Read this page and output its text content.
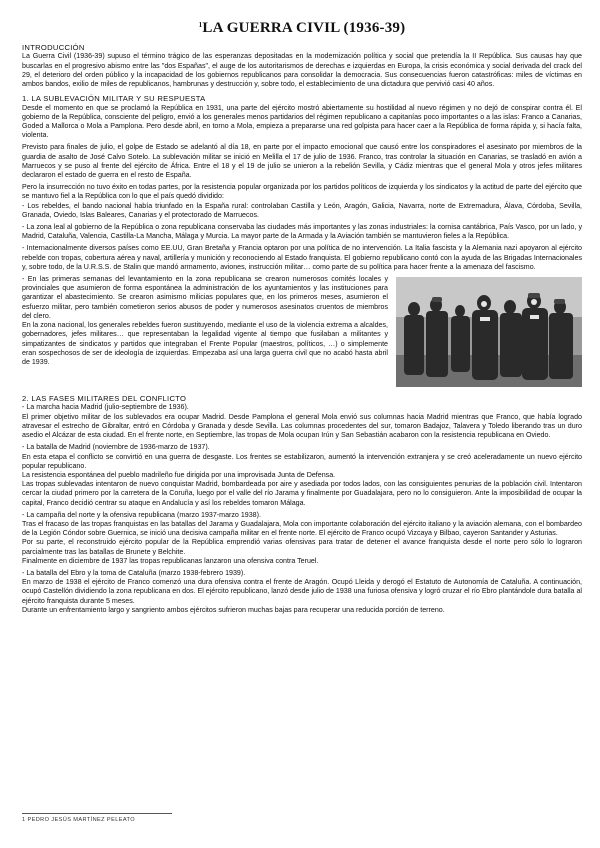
$^1$LA GUERRA CIVIL (1936-39)
INTRODUCCIÓN
La Guerra Civil (1936-39) supuso el término trágico de las esperanzas depositadas en la modernización política y social que pretendía la II República. Sus causas hay que buscarlas en el progresivo abismo entre las "dos Españas", el auge de los autoritarismos de derechas e izquierdas en Europa, la crisis económica y social derivada del crack del 29, el deterioro del orden público y la incapacidad de los gobiernos republicanos para consolidar la democracia. Sus consecuencias fueron catastróficas: miles de víctimas en ambos bandos, exilio de miles de republicanos, hambrunas y destrucción y, sobre todo, el establecimiento de una dictadura que pervivió casi 40 años.
1. LA SUBLEVACIÓN MILITAR Y SU RESPUESTA
Desde el momento en que se proclamó la República en 1931, una parte del ejército mostró abiertamente su hostilidad al nuevo régimen y no dejó de conspirar contra él. El gobierno de la República, consciente del peligro, envió a los generales menos partidarios del régimen republicano a capitanías poco importantes o a las islas: Franco a Canarias, Goded a Mallorca o Mola a Pamplona. Pero desde abril, en torno a Mola, empieza a prepararse una red golpista para hacer caer a la República de forma rápida y, si hacía falta, violenta.
Previsto para finales de julio, el golpe de Estado se adelantó al día 18, en parte por el impacto emocional que causó entre los conspiradores el asesinato por miembros de la guardia de asalto de José Calvo Sotelo. La sublevación militar se inició en Melilla el 17 de julio de 1936. Franco, tras controlar la situación en Canarias, se trasladó en avión a Marruecos y se puso al frente del ejército de África. Entre el 18 y el 19 de julio se unieron a la rebelión Sevilla, y Cádiz mientras que el general Mola y otros jefes militares declararon el estado de guerra en el resto de España.
Pero la insurrección no tuvo éxito en todas partes, por la resistencia popular organizada por los partidos políticos de izquierda y los sindicatos y la actitud de parte del ejército que se mantuvo fiel a la República con lo que el país quedó dividido:
- Los rebeldes, el bando nacional había triunfado en la España rural: controlaban Castilla y León, Aragón, Galicia, Navarra, norte de Extremadura, Álava, Córdoba, Sevilla, Granada, Oviedo, Islas Baleares, Canarias y el protectorado de Marruecos.
- La zona leal al gobierno de la República o zona republicana conservaba las ciudades más importantes y las zonas industriales: la cornisa cantábrica, País Vasco, por un lado, y Madrid, Cataluña, Valencia, Castilla-La Mancha, Málaga y Murcia. La mayor parte de la Armada y la Aviación también se mantuvieron fieles a la República.
- Internacionalmente diversos países como EE.UU, Gran Bretaña y Francia optaron por una política de no intervención. La Italia fascista y la Alemania nazi apoyaron al ejército rebelde con tropas, cobertura aérea y naval, artillería y munición y reconociendo al Estado franquista. El gobierno republicano contó con la ayuda de las Brigadas Internacionales y, sobre todo, de la U.R.S.S. de Stalin que mandó armamento, aviones, instrucción militar… como parte de su política para hacer frente a la amenaza del fascismo.
- En las primeras semanas del levantamiento en la zona republicana se crearon numerosos comités locales y provinciales que asumieron de forma espontánea la administración de los ayuntamientos y las instituciones para garantizar el abastecimiento. Se crearon asimismo milicias populares que, en los primeros meses, asumieron el esfuerzo militar, pero también cometieron serios abusos de poder y numerosos asesinatos cruentos de miembros del clero.
En la zona nacional, los generales rebeldes fueron sustituyendo, mediante el uso de la violencia extrema a alcaldes, gobernadores, jefes militares… que representaban la legalidad vigente al tiempo que fusilaban a militantes y simpatizantes de sindicatos y partidos que integraban el Frente Popular (maestros, políticos, …) o simplemente eran sospechosos de ser de ideología de izquierdas. Empezaba así una larga guerra civil que no acabó hasta abril de 1939.
2. LAS FASES MILITARES DEL CONFLICTO
- La marcha hacia Madrid (julio-septiembre de 1936).
El primer objetivo militar de los sublevados era ocupar Madrid. Desde Pamplona el general Mola envió sus columnas hacia Madrid mientras que Franco, que había logrado atravesar el estrecho de Gibraltar, entró en Córdoba y Granada y desde Sevilla. Las columnas procedentes del sur, tomaron Badajoz, Talavera y Toledo liberando tras un duro asedio el Alcázar de esta ciudad. En el frente norte, en Septiembre, las tropas de Mola ocupan Irún y San Sebastián acabaron con la resistencia republicana en Oviedo.
- La batalla de Madrid (noviembre de 1936-marzo de 1937).
En esta etapa el conflicto se convirtió en una guerra de desgaste. Los frentes se estabilizaron, aumentó la intervención extranjera y se creó aceleradamente un nuevo ejército popular republicano.
La resistencia espontánea del pueblo madrileño fue dirigida por una improvisada Junta de Defensa.
Las tropas sublevadas intentaron de nuevo conquistar Madrid, bombardeada por aire y asediada por todos lados, con las consiguientes penurias de la población civil. Intentaron cercar la ciudad primero por la carretera de la Coruña, luego por el valle del río Jarama y finalmente por Guadalajara, pero no lo consiguieron. Ante la imposibilidad de ocupar la capital, Franco decidió centrar su ataque en Andalucía y así los rebeldes tomaron Málaga.
- La campaña del norte y la ofensiva republicana (marzo 1937-marzo 1938).
Tras el fracaso de las tropas franquistas en las batallas del Jarama y Guadalajara, Mola con importante colaboración del ejército italiano y la aviación alemana, con el bombardeo de la Legión Cóndor sobre Guernica, se inició una decisiva campaña militar en el frente norte. El ejército de Franco ocupó Vizcaya y Bilbao, cayeron Santander y Asturias.
Por su parte, el reconstruido ejército popular de la República emprendió varias ofensivas para tratar de detener el avance franquista desde el norte pero sólo lo lograron parcialmente tras las batallas de Brunete y Belchite.
Finalmente en diciembre de 1937 las tropas republicanas lanzaron una ofensiva contra Teruel.
- La batalla del Ebro y la toma de Cataluña (marzo 1938-febrero 1939).
En marzo de 1938 el ejército de Franco comenzó una dura ofensiva contra el frente de Aragón. Ocupó Lleida y derogó el Estatuto de Autonomía de Cataluña. A continuación, ocupó Castellón dividiendo la zona republicana en dos. El ejército republicano, lanzó desde julio de 1938 una furiosa ofensiva y logró cruzar el río Ebro plantándole dura batalla al ejército franquista durante 5 meses.
Durante un enfrentamiento largo y sangriento ambos ejércitos sufrieron muchas bajas para recuperar una reducida porción de terreno.
1 PEDRO JESÚS MARTÍNEZ PELEATO
